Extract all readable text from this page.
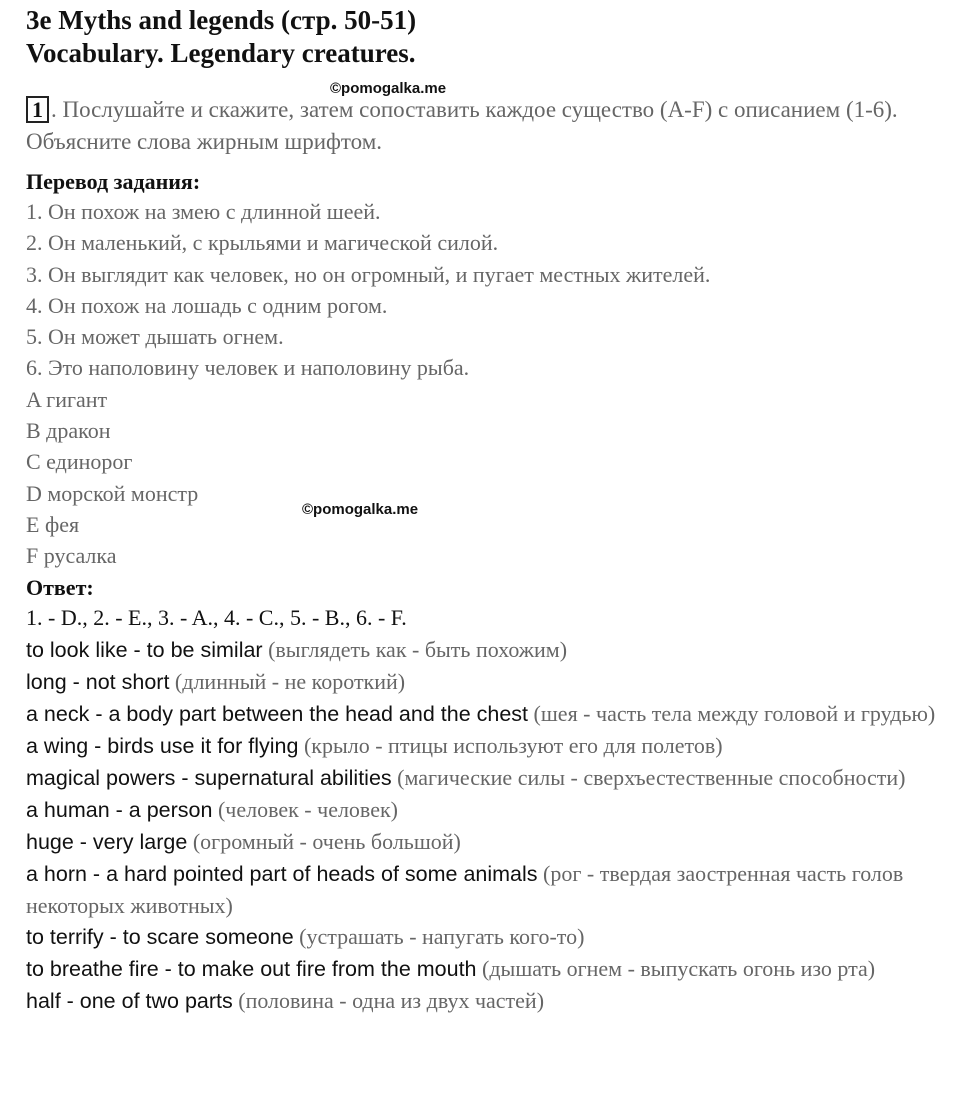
3e Myths and legends (стр. 50-51)
Vocabulary. Legendary creatures.
1 . Послушайте и скажите, затем сопоставить каждое существо (A-F) с описанием (1-6). Объясните слова жирным шрифтом.
Перевод задания:
1. Он похож на змею с длинной шеей.
2. Он маленький, с крыльями и магической силой.
3. Он выглядит как человек, но он огромный, и пугает местных жителей.
4. Он похож на лошадь с одним рогом.
5. Он может дышать огнем.
6. Это наполовину человек и наполовину рыба.
A гигант
B дракон
C единорог
D морской монстр
E фея
F русалка
Ответ:
1. - D., 2. - E., 3. - A., 4. - C., 5. - B., 6. - F.
to look like - to be similar (выглядеть как - быть похожим)
long - not short (длинный - не короткий)
a neck - a body part between the head and the chest (шея - часть тела между головой и грудью)
a wing - birds use it for flying (крыло - птицы используют его для полетов)
magical powers - supernatural abilities (магические силы - сверхъестественные способности)
a human - a person (человек - человек)
huge - very large (огромный - очень большой)
a horn - a hard pointed part of heads of some animals (рог - твердая заостренная часть голов некоторых животных)
to terrify - to scare someone (устрашать - напугать кого-то)
to breathe fire - to make out fire from the mouth (дышать огнем - выпускать огонь изо рта)
half - one of two parts (половина - одна из двух частей)
©pomogalka.me
©pomogalka.me
